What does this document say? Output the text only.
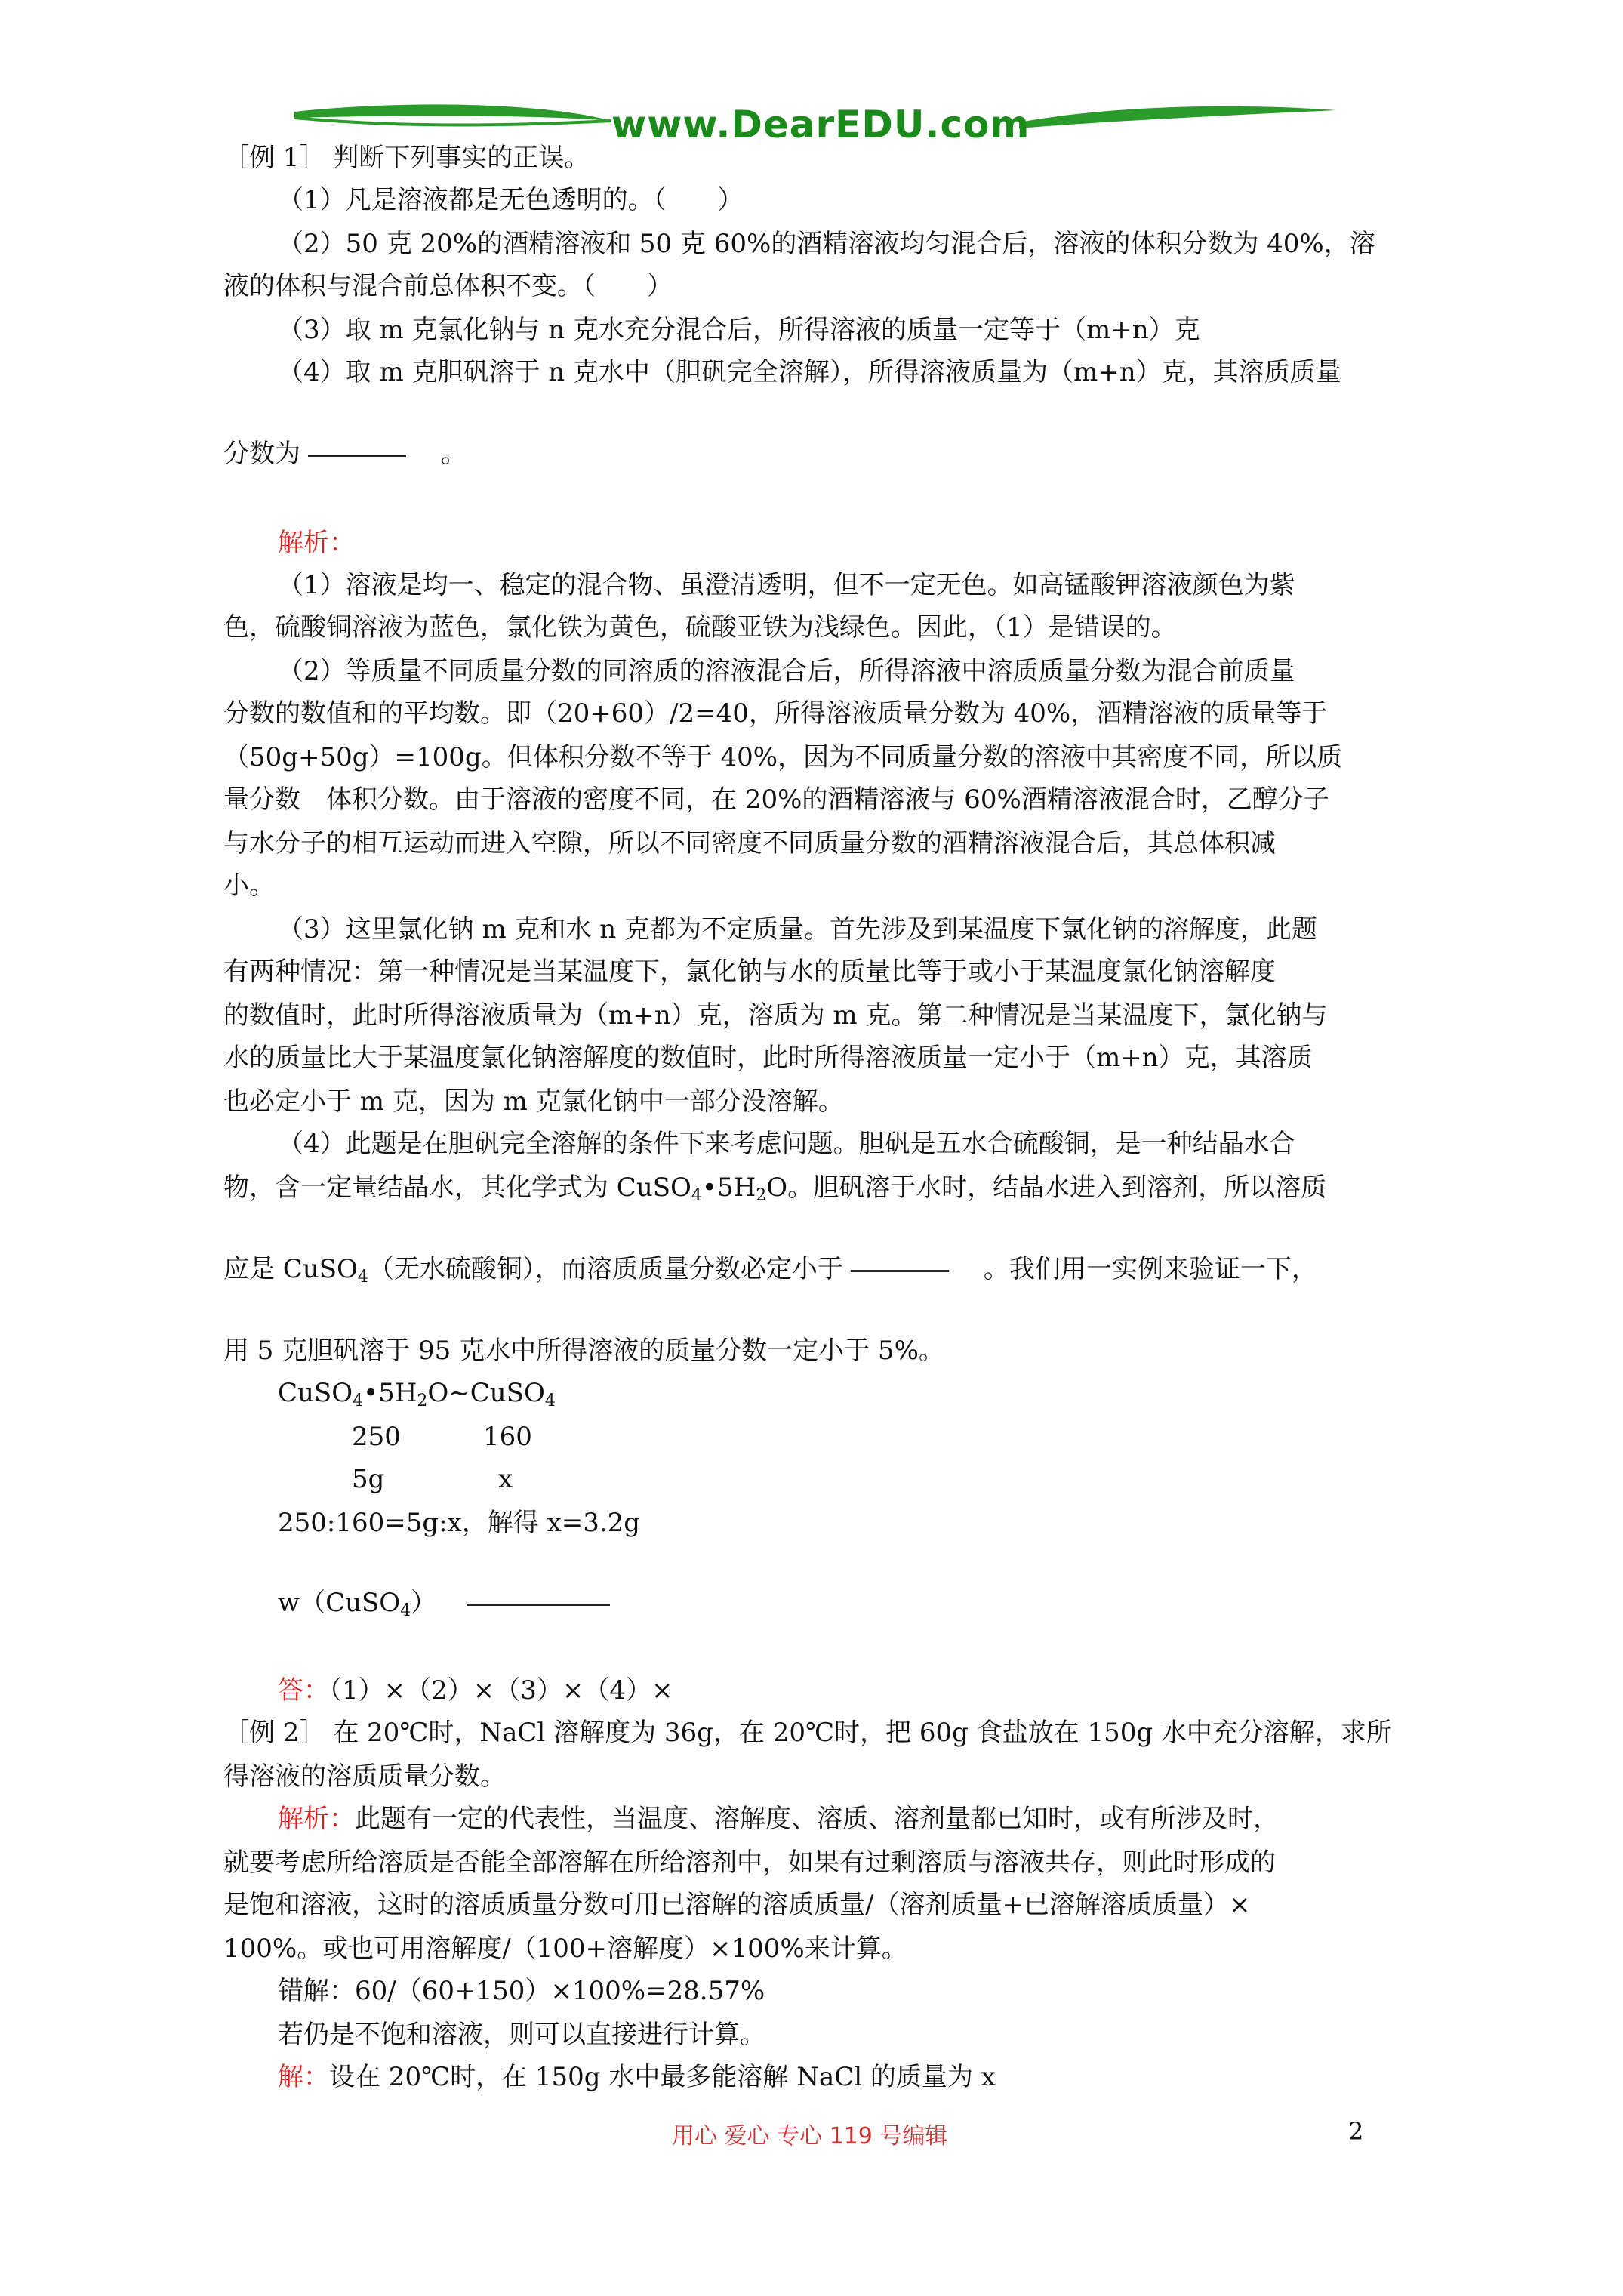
www.DearEDU.com
［例 1］ 判断下列事实的正误。
（1）凡是溶液都是无色透明的。（　　）
（2）50 克 20%的酒精溶液和 50 克 60%的酒精溶液均匀混合后，溶液的体积分数为 40%，溶
液的体积与混合前总体积不变。（　　）
（3）取 m 克氯化钠与 n 克水充分混合后，所得溶液的质量一定等于（m+n）克
（4）取 m 克胆矾溶于 n 克水中（胆矾完全溶解），所得溶液质量为（m+n）克，其溶质质量
分数为	。
解析：
（1）溶液是均一、稳定的混合物、虽澄清透明，但不一定无色。如高锰酸钾溶液颜色为紫
色，硫酸铜溶液为蓝色，氯化铁为黄色，硫酸亚铁为浅绿色。因此，（1）是错误的。
（2）等质量不同质量分数的同溶质的溶液混合后，所得溶液中溶质质量分数为混合前质量
分数的数值和的平均数。即（20+60）/2=40，所得溶液质量分数为 40%，酒精溶液的质量等于
（50g+50g）=100g。但体积分数不等于 40%，因为不同质量分数的溶液中其密度不同，所以质
量分数　体积分数。由于溶液的密度不同，在 20%的酒精溶液与 60%酒精溶液混合时，乙醇分子
与水分子的相互运动而进入空隙，所以不同密度不同质量分数的酒精溶液混合后，其总体积减
小。
（3）这里氯化钠 m 克和水 n 克都为不定质量。首先涉及到某温度下氯化钠的溶解度，此题
有两种情况：第一种情况是当某温度下，氯化钠与水的质量比等于或小于某温度氯化钠溶解度
的数值时，此时所得溶液质量为（m+n）克，溶质为 m 克。第二种情况是当某温度下，氯化钠与
水的质量比大于某温度氯化钠溶解度的数值时，此时所得溶液质量一定小于（m+n）克，其溶质
也必定小于 m 克，因为 m 克氯化钠中一部分没溶解。
（4）此题是在胆矾完全溶解的条件下来考虑问题。胆矾是五水合硫酸铜，是一种结晶水合
物，含一定量结晶水，其化学式为 $CuSO_4•5H_2O$。胆矾溶于水时，结晶水进入到溶剂，所以溶质
应是 CuSO$_4$（无水硫酸铜），而溶质质量分数必定小于	。我们用一实例来验证一下，
用 5 克胆矾溶于 95 克水中所得溶液的质量分数一定小于 5%。
$CuSO_4•5H_2O\sim CuSO_4$
250	160
5g	x
250:160=5g:x，解得 x=3.2g
w（CuSO$_4$）
答：（1）×（2）×（3）×（4）×
［例 2］ 在 20℃时，NaCl 溶解度为 36g，在 20℃时，把 60g 食盐放在 150g 水中充分溶解，求所
得溶液的溶质质量分数。
解析：此题有一定的代表性，当温度、溶解度、溶质、溶剂量都已知时，或有所涉及时，
就要考虑所给溶质是否能全部溶解在所给溶剂中，如果有过剩溶质与溶液共存，则此时形成的
是饱和溶液，这时的溶质质量分数可用已溶解的溶质质量/（溶剂质量+已溶解溶质质量）×
100%。或也可用溶解度/（100+溶解度）×100%来计算。
错解：60/（60+150）×100%=28.57%
若仍是不饱和溶液，则可以直接进行计算。
解：设在 20℃时，在 150g 水中最多能溶解 NaCl 的质量为 x
用心 爱心 专心 119 号编辑	2
